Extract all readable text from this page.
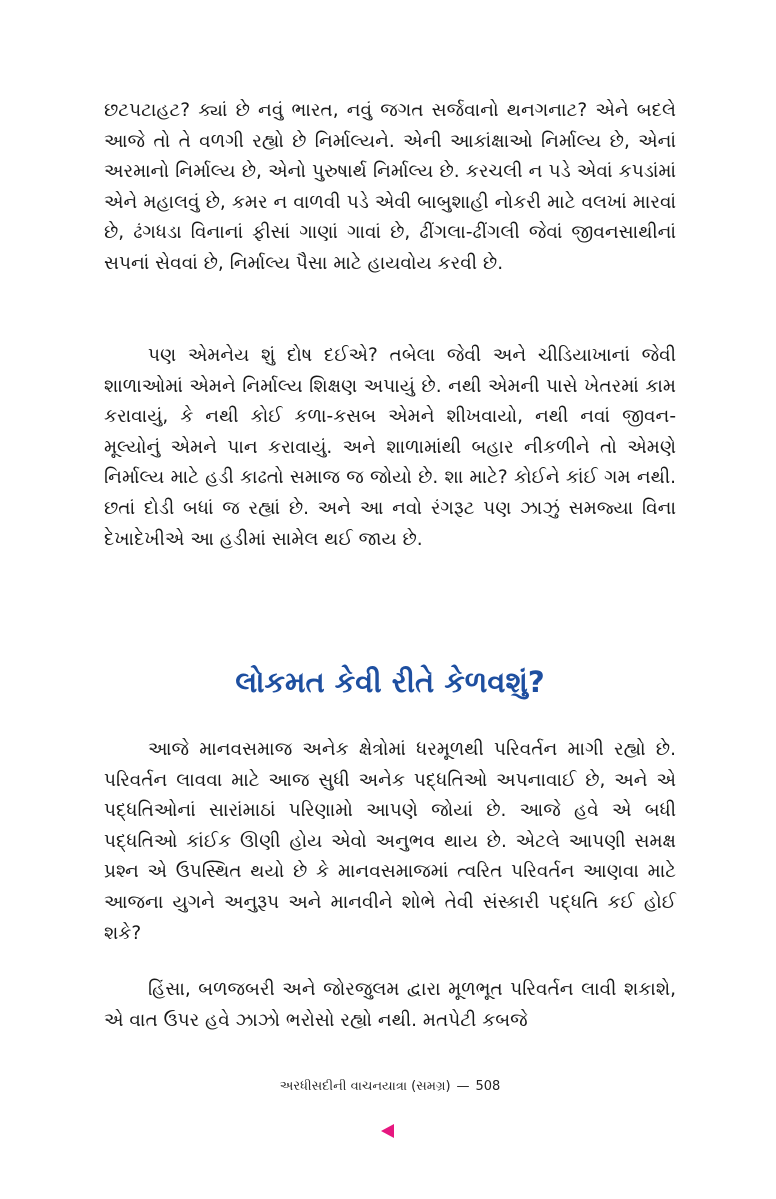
છટપટાહટ? ક્યાં છે નવું ભારત, નવું જગત સર્જવાનો થનગનાટ? એને બદલે આજે તો તે વળગી રહ્યો છે નિર્માલ્યને. એની આકાંક્ષાઓ નિર્માલ્ય છે, એનાં અરમાનો નિર્માલ્ય છે, એનો પુરુષાર્થ નિર્માલ્ય છે. કરચલી ન પડે એવાં કપડાંમાં એને મહાલવું છે, કમર ન વાળવી પડે એવી બાબુશાહી નોકરી માટે વલખાં મારવાં છે, ઢંગધડા વિનાનાં ફીસાં ગાણાં ગાવાં છે, ઢીંગલા-ઢીંગલી જેવાં જીવનસાથીનાં સપનાં સેવવાં છે, નિર્માલ્ય પૈસા માટે હાયવોય કરવી છે.

પણ એમનેય શું દોષ દઈએ? તબેલા જેવી અને ચીડિયાખાનાં જેવી શાળાઓમાં એમને નિર્માલ્ય શિક્ષણ અપાયું છે. નથી એમની પાસે ખેતરમાં કામ કરાવાયું, કે નથી કોઈ કળા-કસબ એમને શીખવાયો, નથી નવાં જીવન-મૂલ્યોનું એમને પાન કરાવાયું. અને શાળામાંથી બહાર નીકળીને તો એમણે નિર્માલ્ય માટે હડી કાઢતો સમાજ જ જોયો છે. શા માટે? કોઈને કાંઈ ગમ નથી. છતાં દોડી બધાં જ રહ્યાં છે. અને આ નવો રંગરૂટ પણ ઝાઝું સમજ્યા વિના દેખાદેખીએ આ હડીમાં સામેલ થઈ જાય છે.

લોકમત કેવી રીતે કેળવશું?

આજે માનવસમાજ અનેક ક્ષેત્રોમાં ધરમૂળથી પરિવર્તન માગી રહ્યો છે. પરિવર્તન લાવવા માટે આજ સુધી અનેક પદ્ધતિઓ અપનાવાઈ છે, અને એ પદ્ધતિઓનાં સારાંમાઠાં પરિણામો આપણે જોયાં છે. આજે હવે એ બધી પદ્ધતિઓ કાંઈક ઊણી હોય એવો અનુભવ થાય છે. એટલે આપણી સમક્ષ પ્રશ્ન એ ઉપસ્થિત થયો છે કે માનવસમાજમાં ત્વરિત પરિવર્તન આણવા માટે આજના યુગને અનુરૂપ અને માનવીને શોભે તેવી સંસ્કારી પદ્ધતિ કઈ હોઈ શકે?

હિંસા, બળજબરી અને જોરજુલમ દ્વારા મૂળભૂત પરિવર્તન લાવી શકાશે, એ વાત ઉપર હવે ઝાઝો ભરોસો રહ્યો નથી. મતપેટી કબજે

અરધીસદીની વાચનયાત્રા (સમગ્ર) — 508
